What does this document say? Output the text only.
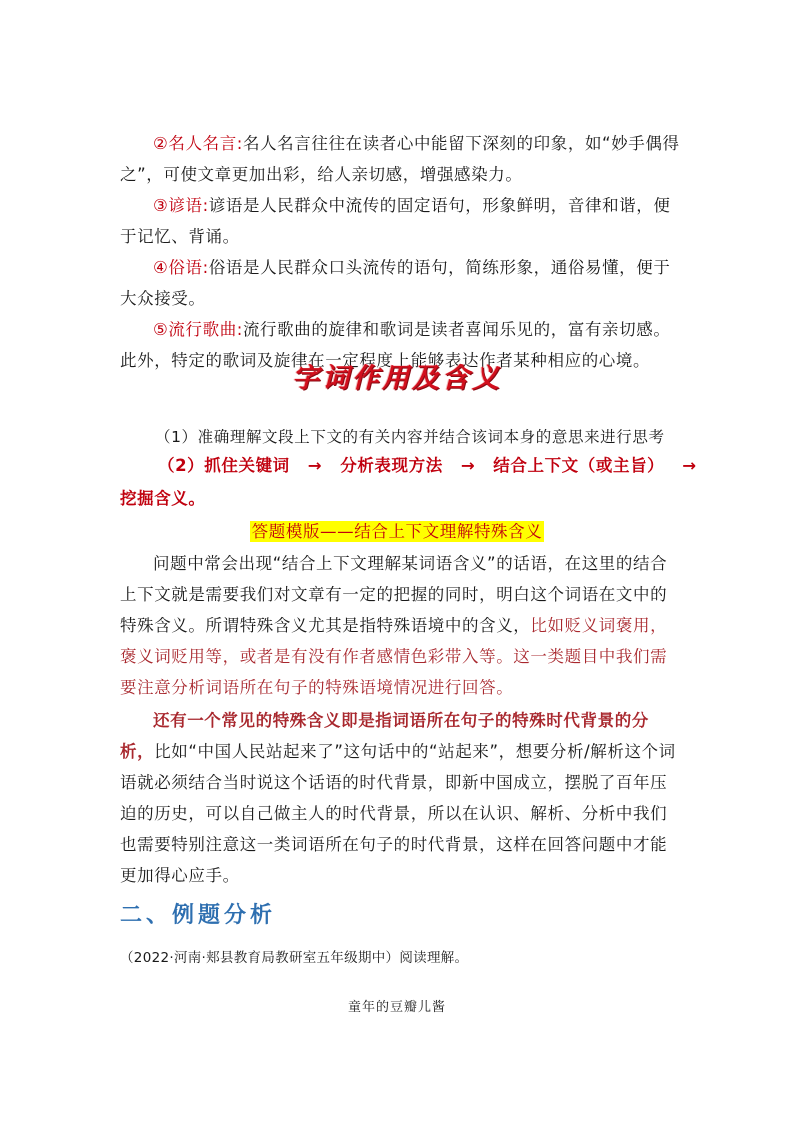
②名人名言:名人名言往往在读者心中能留下深刻的印象，如“妙手偶得之”，可使文章更加出彩，给人亲切感，增强感染力。

③谚语:谚语是人民群众中流传的固定语句，形象鲜明，音律和谐，便于记忆、背诵。

④俗语:俗语是人民群众口头流传的语句，简练形象，通俗易懂，便于大众接受。

⑤流行歌曲:流行歌曲的旋律和歌词是读者喜闻乐见的，富有亲切感。此外，特定的歌词及旋律在一定程度上能够表达作者某种相应的心境。

字词作用及含义

（1）准确理解文段上下文的有关内容并结合该词本身的意思来进行思考

（2）抓住关键词 → 分析表现方法 → 结合上下文（或主旨） →
挖掘含义。
答题模版——结合上下文理解特殊含义

问题中常会出现“结合上下文理解某词语含义”的话语，在这里的结合上下文就是需要我们对文章有一定的把握的同时，明白这个词语在文中的特殊含义。所谓特殊含义尤其是指特殊语境中的含义，比如贬义词褒用，褒义词贬用等，或者是有没有作者感情色彩带入等。这一类题目中我们需要注意分析词语所在句子的特殊语境情况进行回答。

还有一个常见的特殊含义即是指词语所在句子的特殊时代背景的分析，比如“中国人民站起来了”这句话中的“站起来”，想要分析/解析这个词语就必须结合当时说这个话语的时代背景，即新中国成立，摆脱了百年压迫的历史，可以自己做主人的时代背景，所以在认识、解析、分析中我们也需要特别注意这一类词语所在句子的时代背景，这样在回答问题中才能更加得心应手。

二、例题分析
（2022·河南·郏县教育局教研室五年级期中）阅读理解。
童年的豆瓣儿酱
